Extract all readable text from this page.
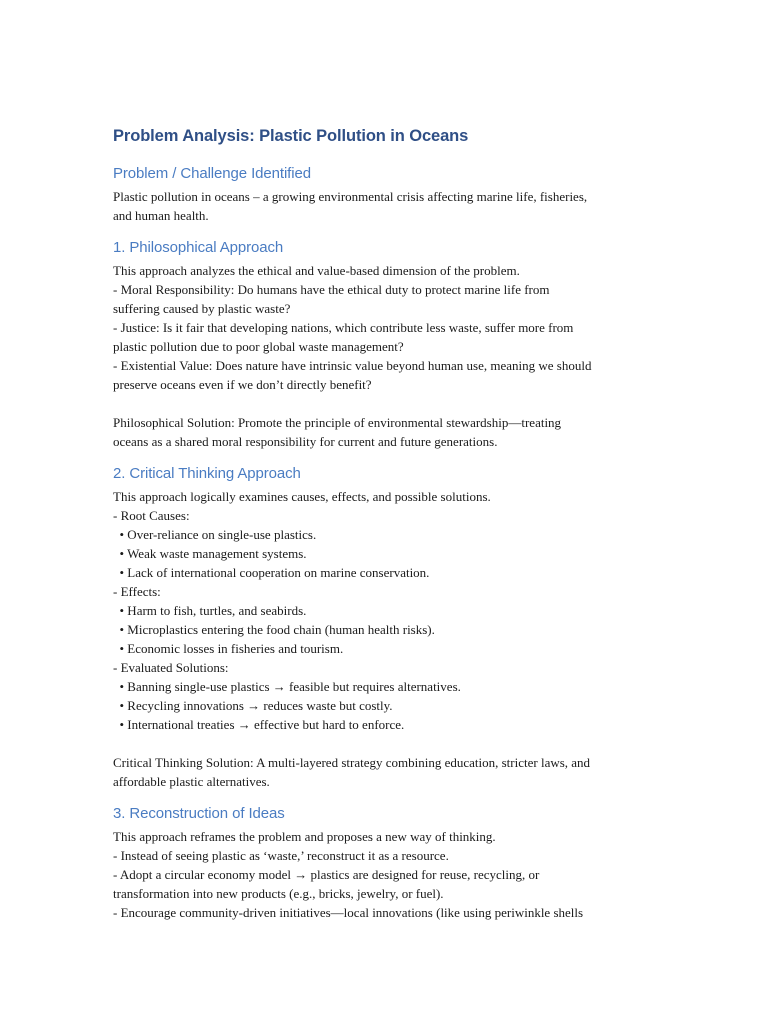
Problem Analysis: Plastic Pollution in Oceans
Problem / Challenge Identified
Plastic pollution in oceans – a growing environmental crisis affecting marine life, fisheries,
and human health.
1. Philosophical Approach
This approach analyzes the ethical and value-based dimension of the problem.
- Moral Responsibility: Do humans have the ethical duty to protect marine life from
suffering caused by plastic waste?
- Justice: Is it fair that developing nations, which contribute less waste, suffer more from
plastic pollution due to poor global waste management?
- Existential Value: Does nature have intrinsic value beyond human use, meaning we should
preserve oceans even if we don’t directly benefit?
Philosophical Solution: Promote the principle of environmental stewardship—treating
oceans as a shared moral responsibility for current and future generations.
2. Critical Thinking Approach
This approach logically examines causes, effects, and possible solutions.
- Root Causes:
• Over-reliance on single-use plastics.
• Weak waste management systems.
• Lack of international cooperation on marine conservation.
- Effects:
• Harm to fish, turtles, and seabirds.
• Microplastics entering the food chain (human health risks).
• Economic losses in fisheries and tourism.
- Evaluated Solutions:
• Banning single-use plastics → feasible but requires alternatives.
• Recycling innovations → reduces waste but costly.
• International treaties → effective but hard to enforce.
Critical Thinking Solution: A multi-layered strategy combining education, stricter laws, and
affordable plastic alternatives.
3. Reconstruction of Ideas
This approach reframes the problem and proposes a new way of thinking.
- Instead of seeing plastic as ‘waste,’ reconstruct it as a resource.
- Adopt a circular economy model → plastics are designed for reuse, recycling, or
transformation into new products (e.g., bricks, jewelry, or fuel).
- Encourage community-driven initiatives—local innovations (like using periwinkle shells
